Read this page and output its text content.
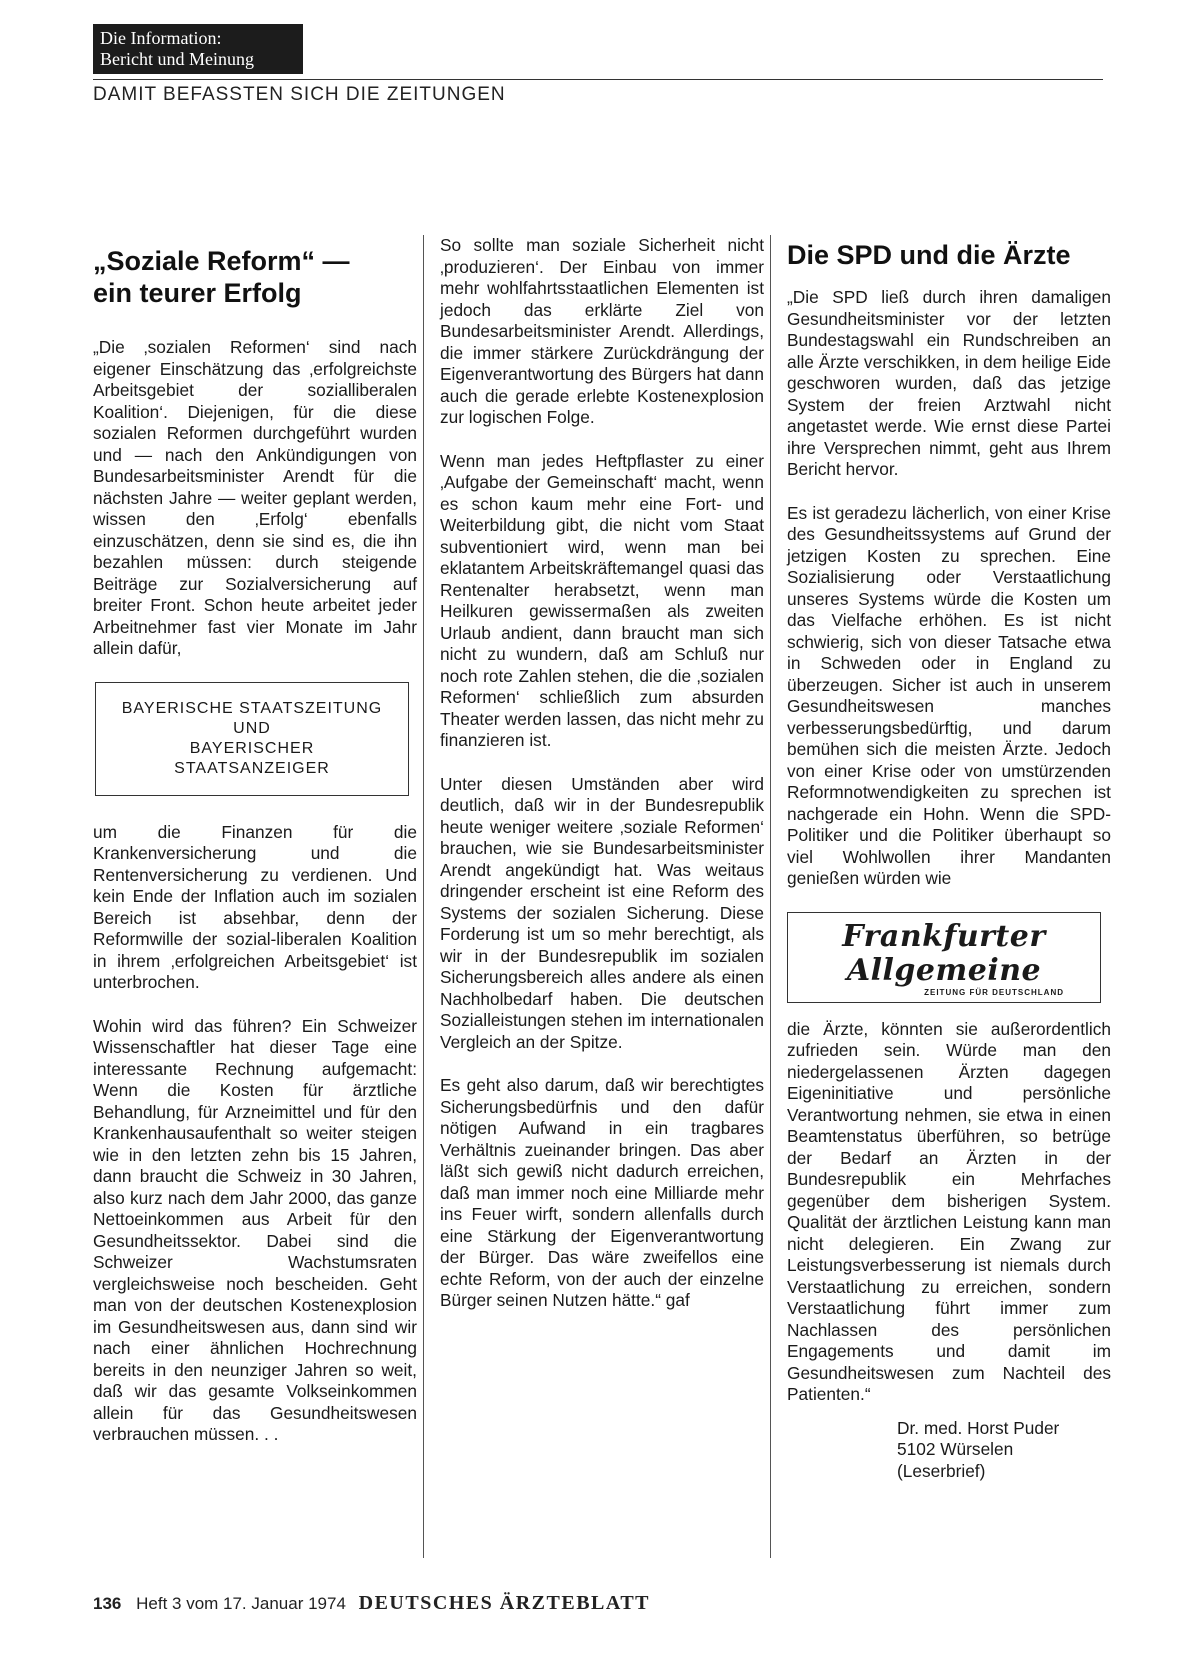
Die Information:
Bericht und Meinung
DAMIT BEFASSTEN SICH DIE ZEITUNGEN
„Soziale Reform“ —
ein teurer Erfolg

„Die ‚sozialen Reformen‘ sind nach eigener Einschätzung das ‚erfolgreichste Arbeitsgebiet der sozialliberalen Koalition‘. Diejenigen, für die diese sozialen Reformen durchgeführt wurden und — nach den Ankündigungen von Bundesarbeitsminister Arendt für die nächsten Jahre — weiter geplant werden, wissen den ‚Erfolg‘ ebenfalls einzuschätzen, denn sie sind es, die ihn bezahlen müssen: durch steigende Beiträge zur Sozialversicherung auf breiter Front. Schon heute arbeitet jeder Arbeitnehmer fast vier Monate im Jahr allein dafür,

BAYERISCHE STAATSZEITUNG
UND
BAYERISCHER
STAATSANZEIGER

um die Finanzen für die Krankenversicherung und die Rentenversicherung zu verdienen. Und kein Ende der Inflation auch im sozialen Bereich ist absehbar, denn der Reformwille der sozial-liberalen Koalition in ihrem ‚erfolgreichen Arbeitsgebiet‘ ist unterbrochen.

Wohin wird das führen? Ein Schweizer Wissenschaftler hat dieser Tage eine interessante Rechnung aufgemacht: Wenn die Kosten für ärztliche Behandlung, für Arzneimittel und für den Krankenhausaufenthalt so weiter steigen wie in den letzten zehn bis 15 Jahren, dann braucht die Schweiz in 30 Jahren, also kurz nach dem Jahr 2000, das ganze Nettoeinkommen aus Arbeit für den Gesundheitssektor. Dabei sind die Schweizer Wachstumsraten vergleichsweise noch bescheiden. Geht man von der deutschen Kostenexplosion im Gesundheitswesen aus, dann sind wir nach einer ähnlichen Hochrechnung bereits in den neunziger Jahren so weit, daß wir das gesamte Volkseinkommen allein für das Gesundheitswesen verbrauchen müssen. . .

So sollte man soziale Sicherheit nicht ‚produzieren‘. Der Einbau von immer mehr wohlfahrtsstaatlichen Elementen ist jedoch das erklärte Ziel von Bundesarbeitsminister Arendt. Allerdings, die immer stärkere Zurückdrängung der Eigenverantwortung des Bürgers hat dann auch die gerade erlebte Kostenexplosion zur logischen Folge.

Wenn man jedes Heftpflaster zu einer ‚Aufgabe der Gemeinschaft‘ macht, wenn es schon kaum mehr eine Fort- und Weiterbildung gibt, die nicht vom Staat subventioniert wird, wenn man bei eklatantem Arbeitskräftemangel quasi das Rentenalter herabsetzt, wenn man Heilkuren gewissermaßen als zweiten Urlaub andient, dann braucht man sich nicht zu wundern, daß am Schluß nur noch rote Zahlen stehen, die die ‚sozialen Reformen‘ schließlich zum absurden Theater werden lassen, das nicht mehr zu finanzieren ist.

Unter diesen Umständen aber wird deutlich, daß wir in der Bundesrepublik heute weniger weitere ‚soziale Reformen‘ brauchen, wie sie Bundesarbeitsminister Arendt angekündigt hat. Was weitaus dringender erscheint ist eine Reform des Systems der sozialen Sicherung. Diese Forderung ist um so mehr berechtigt, als wir in der Bundesrepublik im sozialen Sicherungsbereich alles andere als einen Nachholbedarf haben. Die deutschen Sozialleistungen stehen im internationalen Vergleich an der Spitze.

Es geht also darum, daß wir berechtigtes Sicherungsbedürfnis und den dafür nötigen Aufwand in ein tragbares Verhältnis zueinander bringen. Das aber läßt sich gewiß nicht dadurch erreichen, daß man immer noch eine Milliarde mehr ins Feuer wirft, sondern allenfalls durch eine Stärkung der Eigenverantwortung der Bürger. Das wäre zweifellos eine echte Reform, von der auch der einzelne Bürger seinen Nutzen hätte.“ gaf

Die SPD und die Ärzte

„Die SPD ließ durch ihren damaligen Gesundheitsminister vor der letzten Bundestagswahl ein Rundschreiben an alle Ärzte verschikken, in dem heilige Eide geschworen wurden, daß das jetzige System der freien Arztwahl nicht angetastet werde. Wie ernst diese Partei ihre Versprechen nimmt, geht aus Ihrem Bericht hervor.

Es ist geradezu lächerlich, von einer Krise des Gesundheitssystems auf Grund der jetzigen Kosten zu sprechen. Eine Sozialisierung oder Verstaatlichung unseres Systems würde die Kosten um das Vielfache erhöhen. Es ist nicht schwierig, sich von dieser Tatsache etwa in Schweden oder in England zu überzeugen. Sicher ist auch in unserem Gesundheitswesen manches verbesserungsbedürftig, und darum bemühen sich die meisten Ärzte. Jedoch von einer Krise oder von umstürzenden Reformnotwendigkeiten zu sprechen ist nachgerade ein Hohn. Wenn die SPD-Politiker und die Politiker überhaupt so viel Wohlwollen ihrer Mandanten genießen würden wie

Frankfurter Allgemeine
ZEITUNG FÜR DEUTSCHLAND

die Ärzte, könnten sie außerordentlich zufrieden sein. Würde man den niedergelassenen Ärzten dagegen Eigeninitiative und persönliche Verantwortung nehmen, sie etwa in einen Beamtenstatus überführen, so betrüge der Bedarf an Ärzten in der Bundesrepublik ein Mehrfaches gegenüber dem bisherigen System. Qualität der ärztlichen Leistung kann man nicht delegieren. Ein Zwang zur Leistungsverbesserung ist niemals durch Verstaatlichung zu erreichen, sondern Verstaatlichung führt immer zum Nachlassen des persönlichen Engagements und damit im Gesundheitswesen zum Nachteil des Patienten.“

Dr. med. Horst Puder
5102 Würselen
(Leserbrief)
136 Heft 3 vom 17. Januar 1974 DEUTSCHES ÄRZTEBLATT
